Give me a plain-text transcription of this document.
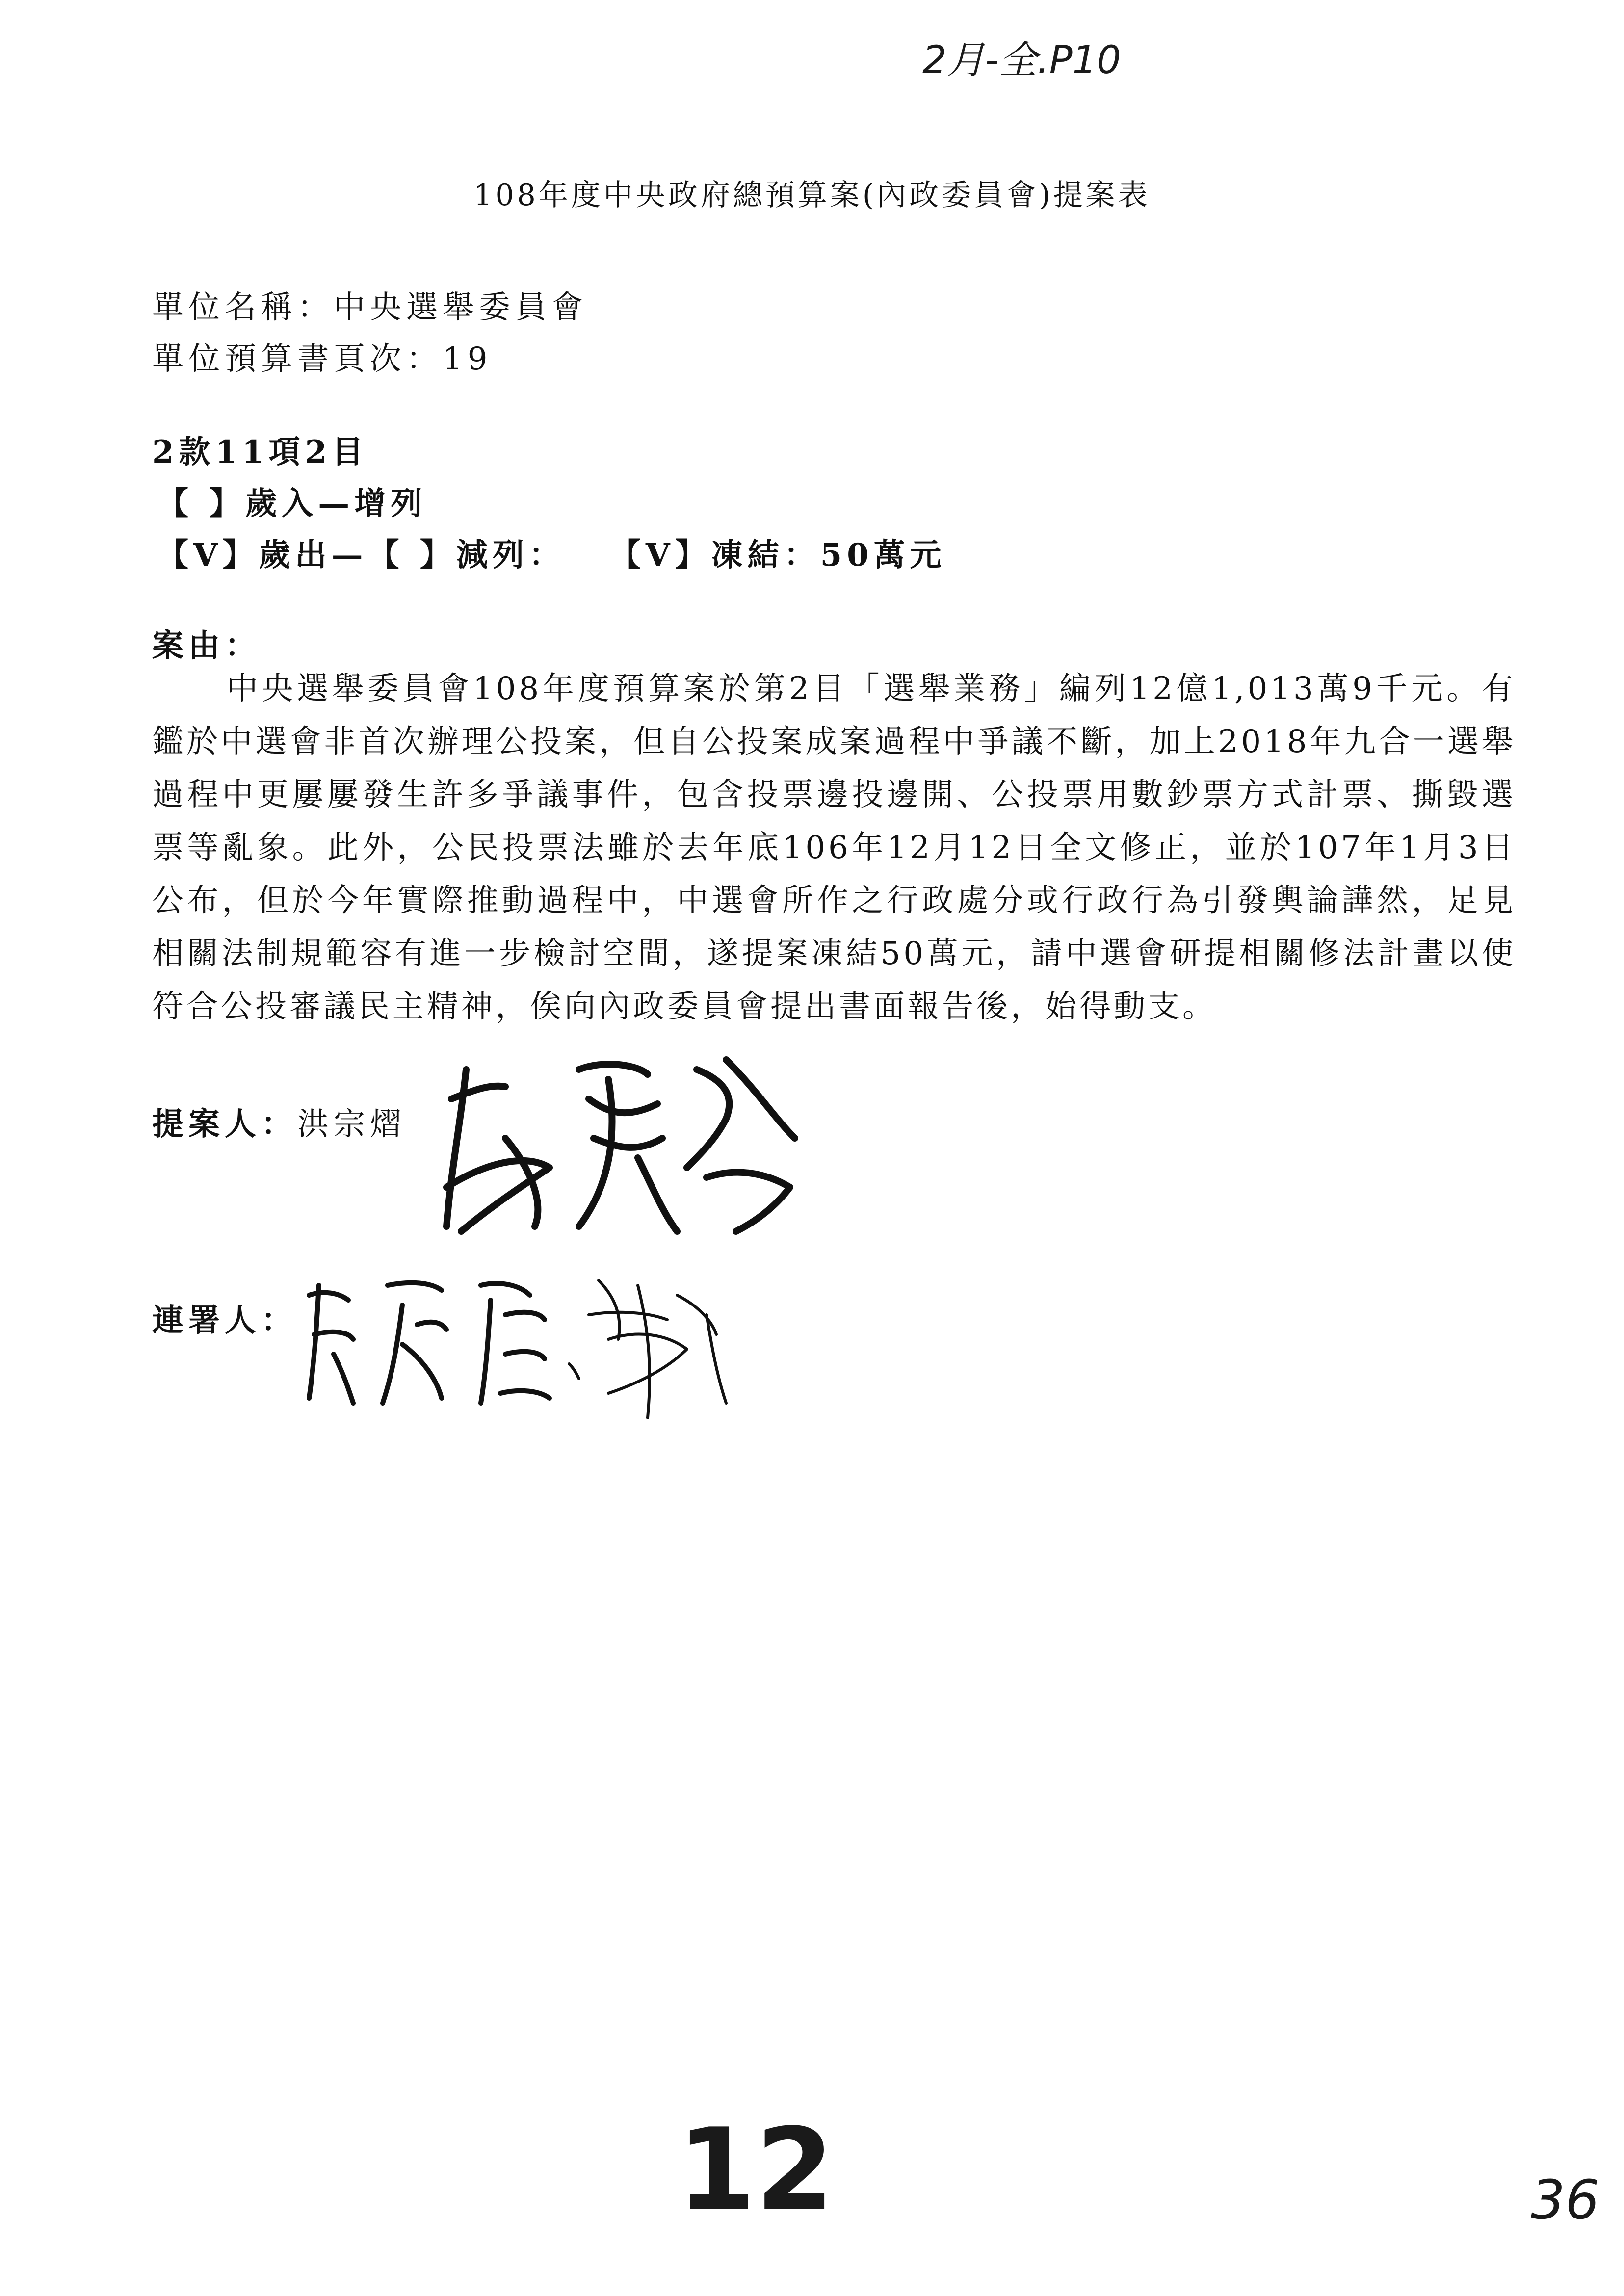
2月-全.P10
108年度中央政府總預算案(內政委員會)提案表
單位名稱：中央選舉委員會
單位預算書頁次：19
2款11項2目
【 】歲入—增列
【V】歲出—【 】減列： 【V】凍結：50萬元
案由：
中央選舉委員會108年度預算案於第2目「選舉業務」編列12億1,013萬9千元。有鑑於中選會非首次辦理公投案，但自公投案成案過程中爭議不斷，加上2018年九合一選舉過程中更屢屢發生許多爭議事件，包含投票邊投邊開、公投票用數鈔票方式計票、撕毀選票等亂象。此外，公民投票法雖於去年底106年12月12日全文修正，並於107年1月3日公布，但於今年實際推動過程中，中選會所作之行政處分或行政行為引發輿論譁然，足見相關法制規範容有進一步檢討空間，遂提案凍結50萬元，請中選會研提相關修法計畫以使符合公投審議民主精神，俟向內政委員會提出書面報告後，始得動支。
提案人：洪宗熠
連署人：
12	36
